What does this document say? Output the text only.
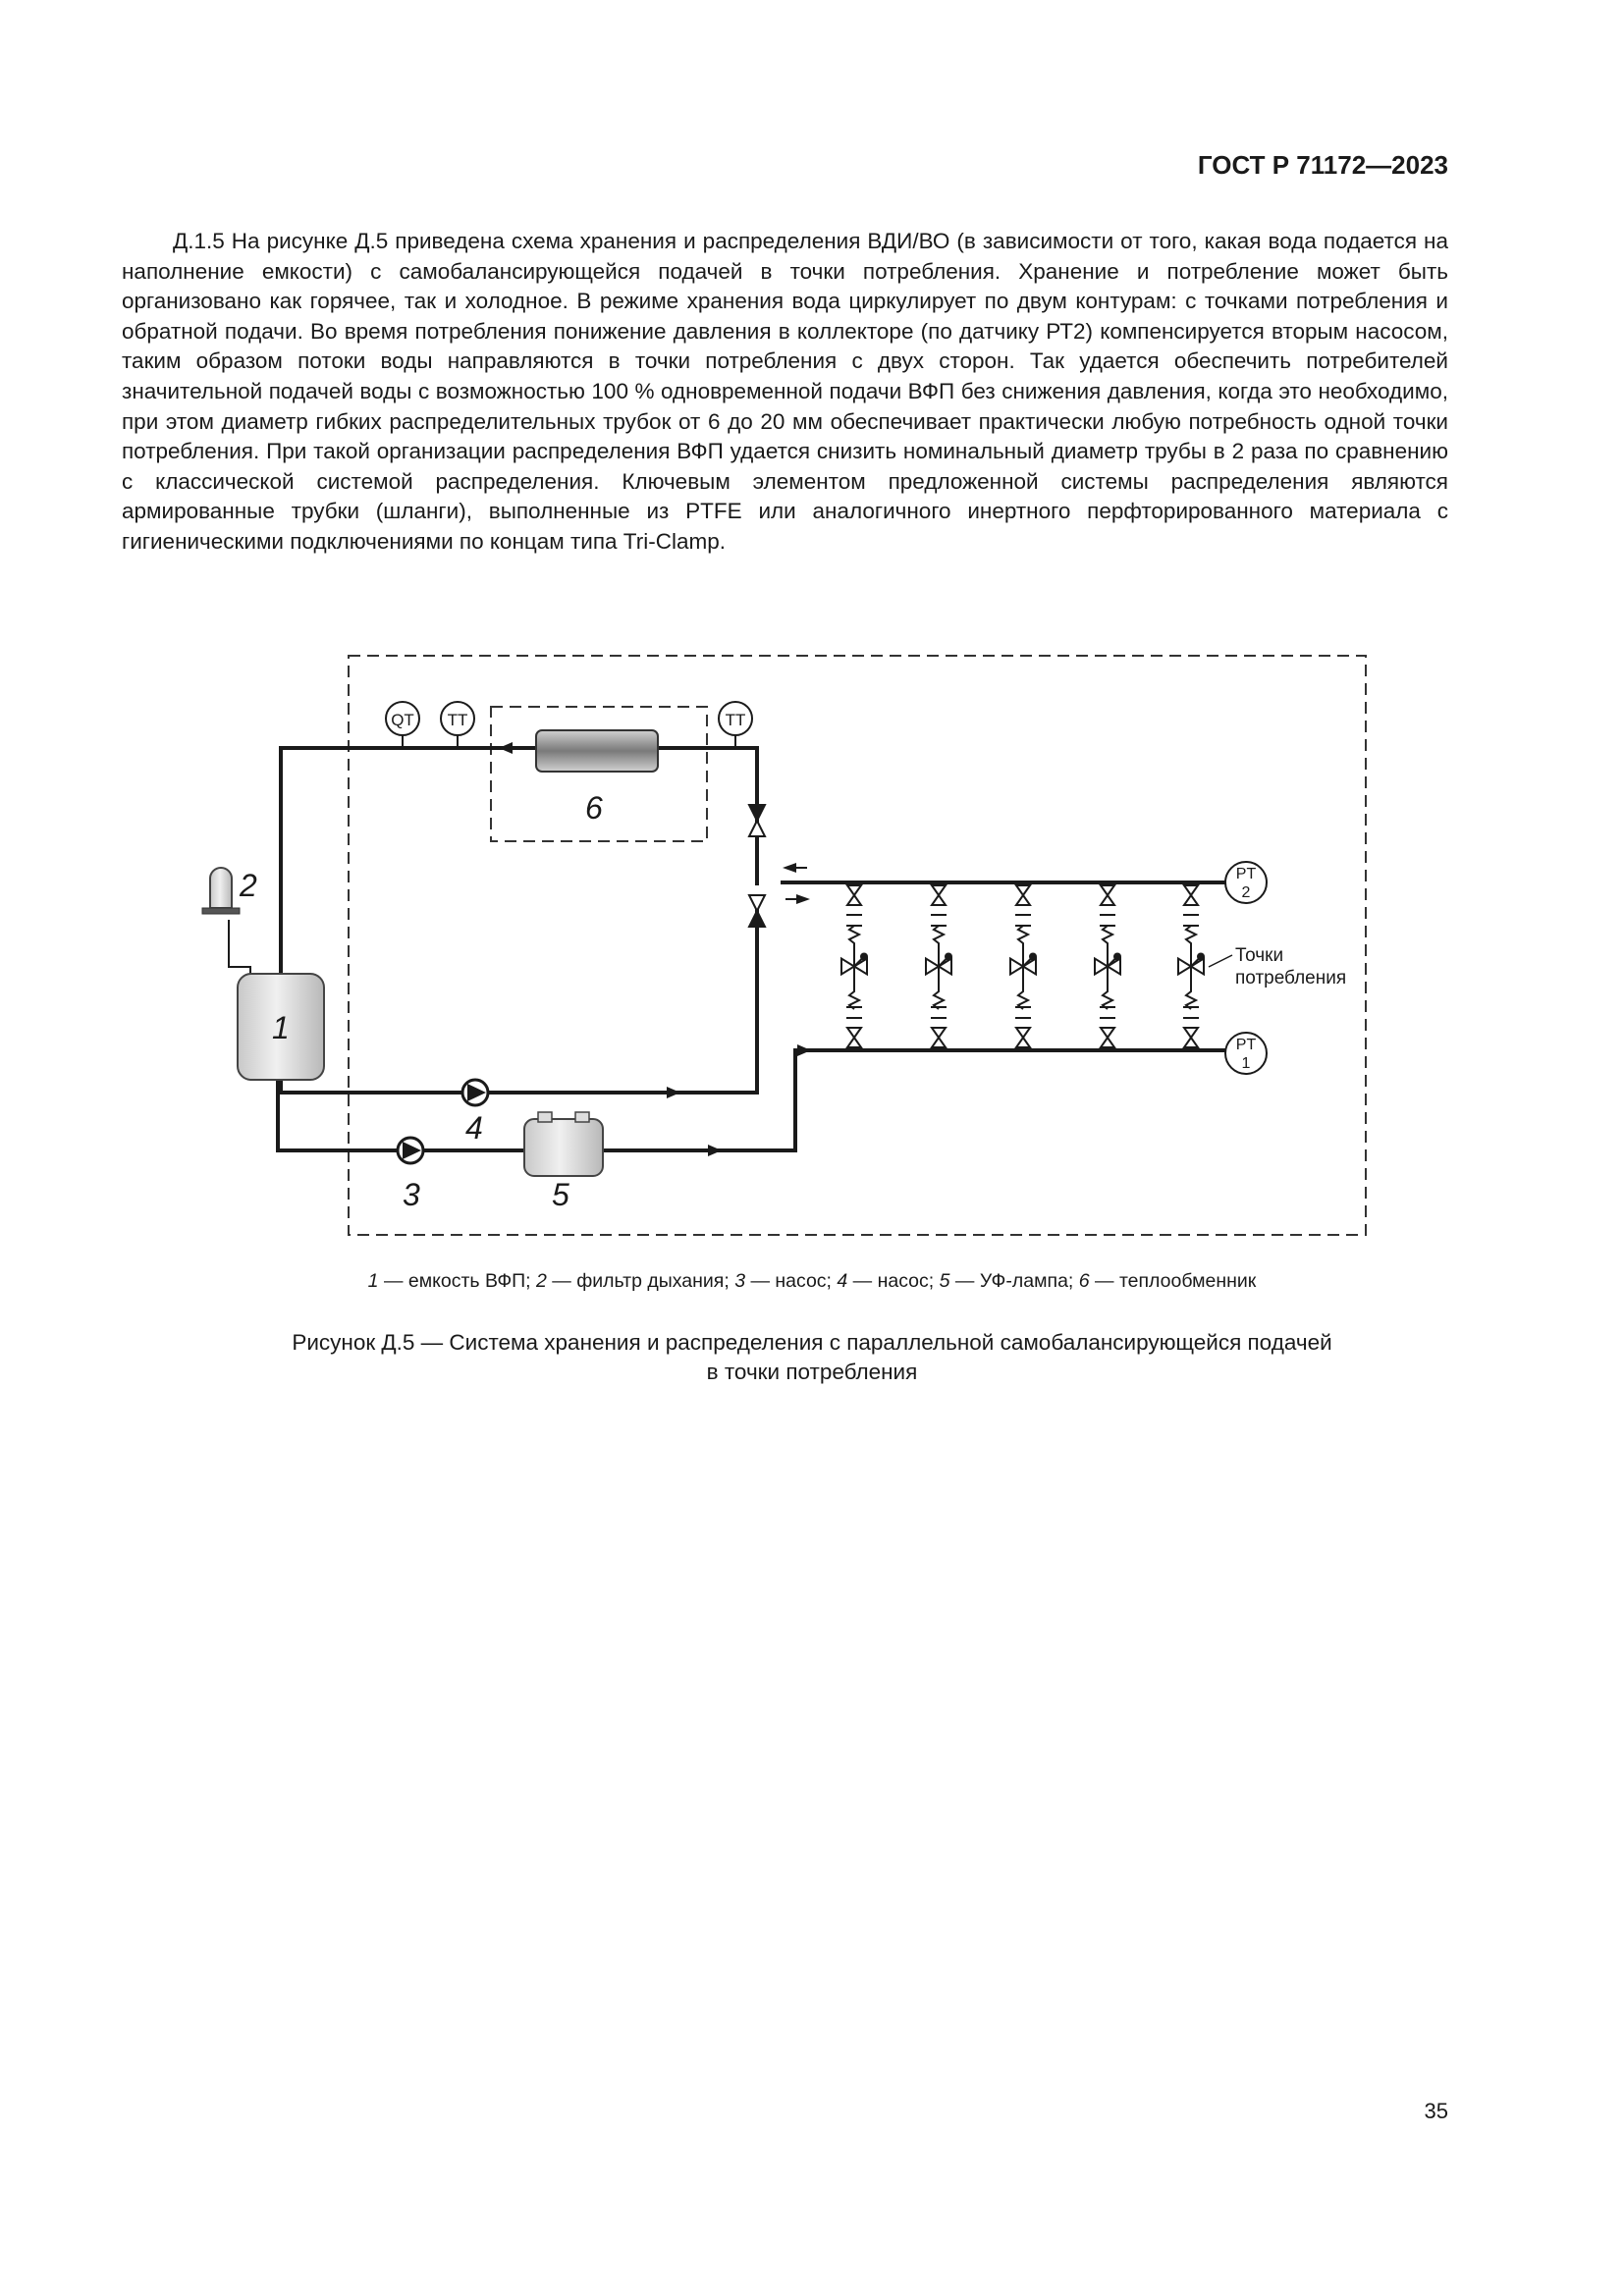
ГОСТ Р 71172—2023
Д.1.5 На рисунке Д.5 приведена схема хранения и распределения ВДИ/ВО (в зависимости от того, какая вода подается на наполнение емкости) с самобалансирующейся подачей в точки потребления. Хранение и потребление может быть организовано как горячее, так и холодное. В режиме хранения вода циркулирует по двум контурам: с точками потребления и обратной подачи. Во время потребления понижение давления в коллекторе (по датчику РТ2) компенсируется вторым насосом, таким образом потоки воды направляются в точки потребления с двух сторон. Так удается обеспечить потребителей значительной подачей воды с возможностью 100 % одновременной подачи ВФП без снижения давления, когда это необходимо, при этом диаметр гибких распределительных трубок от 6 до 20 мм обеспечивает практически любую потребность одной точки потребления. При такой организации распределения ВФП удается снизить номинальный диаметр трубы в 2 раза по сравнению с классической системой распределения. Ключевым элементом предложенной системы распределения являются армированные трубки (шланги), выполненные из PTFE или аналогичного инертного перфторированного материала с гигиеническими подключениями по концам типа Tri-Clamp.
1
2
6
4
3	5
QT TT	TT
PT
2
PT
1
Точки
потребления
1 — емкость ВФП; 2 — фильтр дыхания; 3 — насос; 4 — насос; 5 — УФ-лампа; 6 — теплообменник
Рисунок Д.5 — Система хранения и распределения с параллельной самобалансирующейся подачей
в точки потребления
35
